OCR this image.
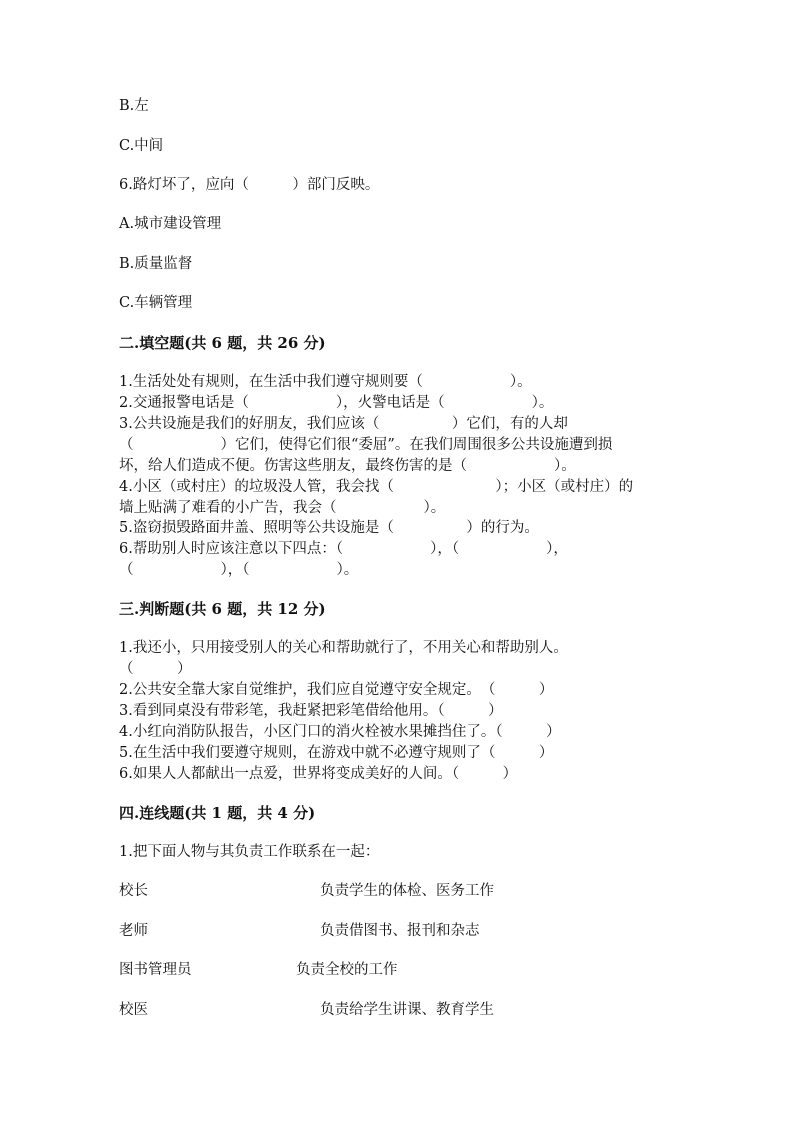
B.左
C.中间
6.路灯坏了，应向（　　　）部门反映。
A.城市建设管理
B.质量监督
C.车辆管理
二.填空题(共 6 题，共 26 分)
1.生活处处有规则，在生活中我们遵守规则要（　　　　　　）。
2.交通报警电话是（　　　　　　），火警电话是（　　　　　　）。
3.公共设施是我们的好朋友，我们应该（　　　　　）它们，有的人却
（　　　　　　）它们，使得它们很“委屈”。在我们周围很多公共设施遭到损
坏，给人们造成不便。伤害这些朋友，最终伤害的是（　　　　　　）。
4.小区（或村庄）的垃圾没人管，我会找（　　　　　　　）；小区（或村庄）的
墙上贴满了难看的小广告，我会（　　　　　　）。
5.盗窃损毁路面井盖、照明等公共设施是（　　　　　）的行为。
6.帮助别人时应该注意以下四点：（　　　　　　），（　　　　　　），
（　　　　　　），（　　　　　　）。
三.判断题(共 6 题，共 12 分)
1.我还小，只用接受别人的关心和帮助就行了，不用关心和帮助别人。
（　　　）
2.公共安全靠大家自觉维护，我们应自觉遵守安全规定。　（　　　）
3.看到同桌没有带彩笔，我赶紧把彩笔借给他用。（　　　）
4.小红向消防队报告，小区门口的消火栓被水果摊挡住了。（　　　）
5.在生活中我们要遵守规则，在游戏中就不必遵守规则了（　　　）
6.如果人人都献出一点爱，世界将变成美好的人间。（　　　）
四.连线题(共 1 题，共 4 分)
1.把下面人物与其负责工作联系在一起：
校长	负责学生的体检、医务工作
老师	负责借图书、报刊和杂志
图书管理员	负责全校的工作
校医	负责给学生讲课、教育学生
